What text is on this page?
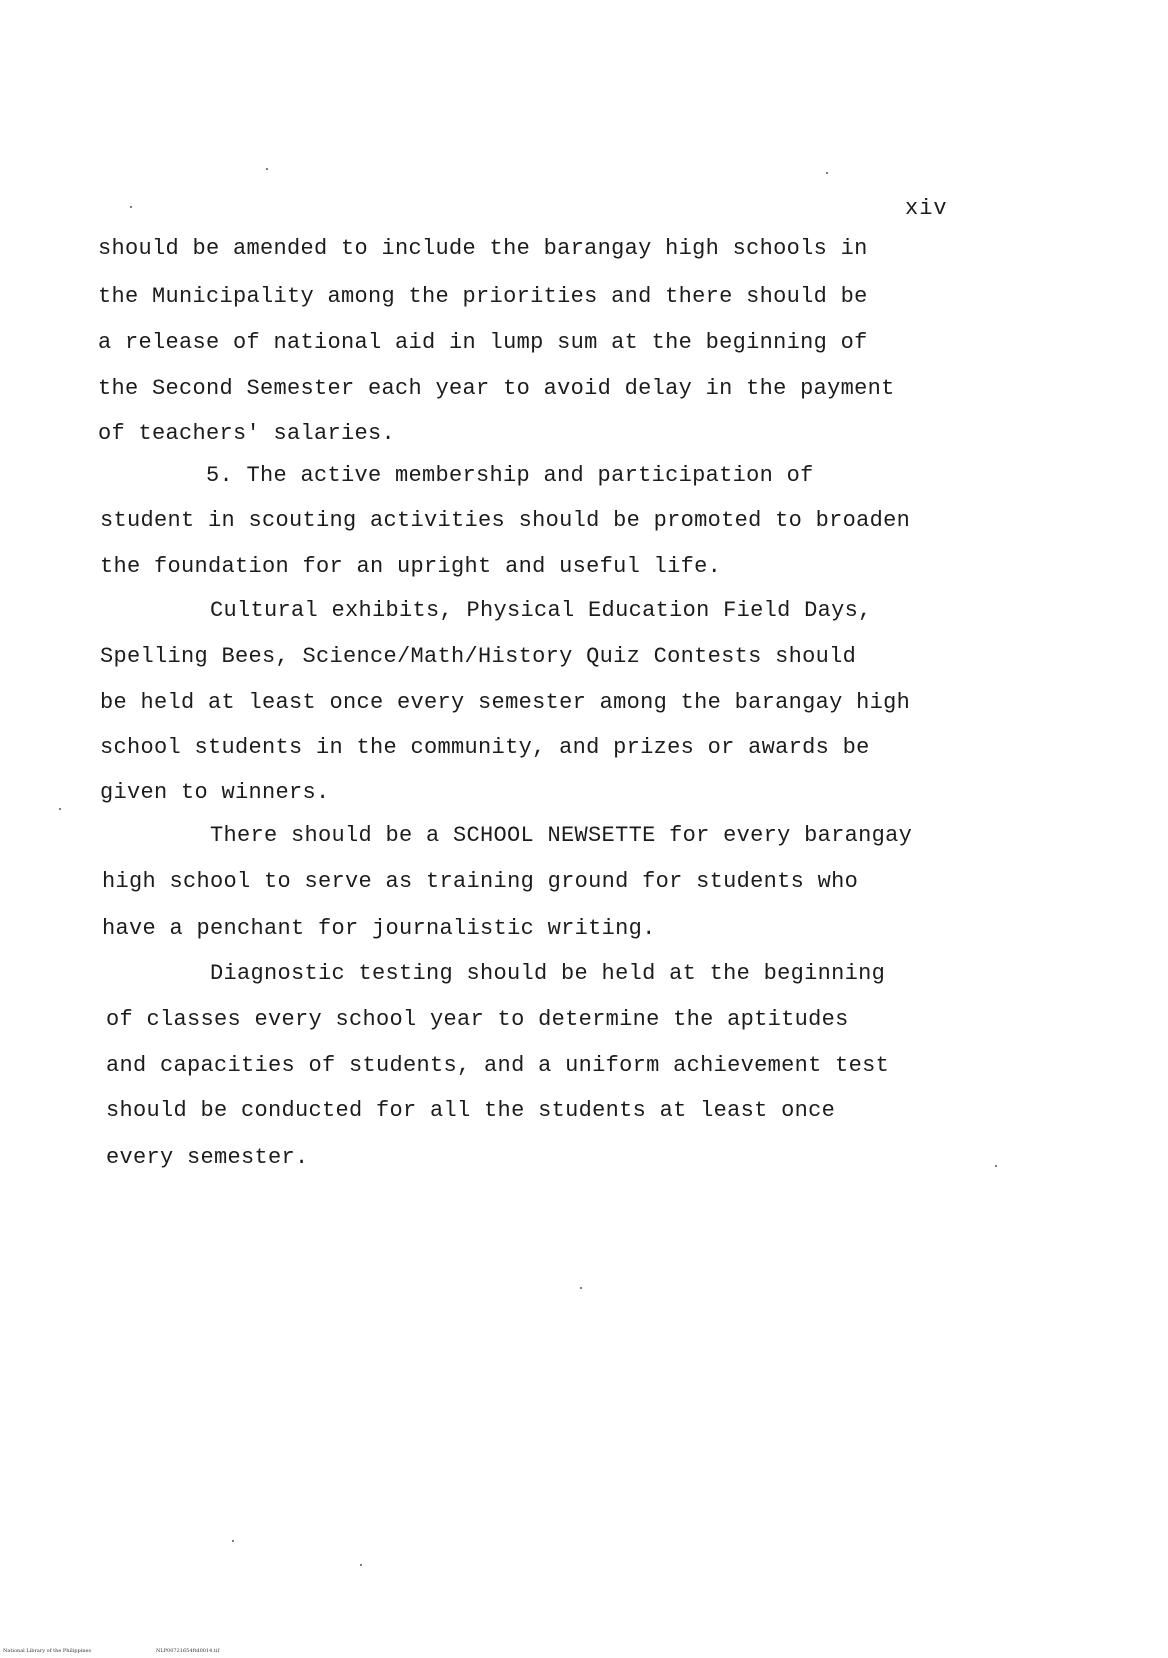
xiv
should be amended to include the barangay high schools in
the Municipality among the priorities and there should be
a release of national aid in lump sum at the beginning of
the Second Semester each year to avoid delay in the payment
of teachers' salaries.
5. The active membership and participation of
student in scouting activities should be promoted to broaden
the foundation for an upright and useful life.
Cultural exhibits, Physical Education Field Days,
Spelling Bees, Science/Math/History Quiz Contests should
be held at least once every semester among the barangay high
school students in the community, and prizes or awards be
given to winners.
There should be a SCHOOL NEWSETTE for every barangay
high school to serve as training ground for students who
have a penchant for journalistic writing.
Diagnostic testing should be held at the beginning
of classes every school year to determine the aptitudes
and capacities of students, and a uniform achievement test
should be conducted for all the students at least once
every semester.
National Library of the Philippines	NLP00721654ftd0014.tif
